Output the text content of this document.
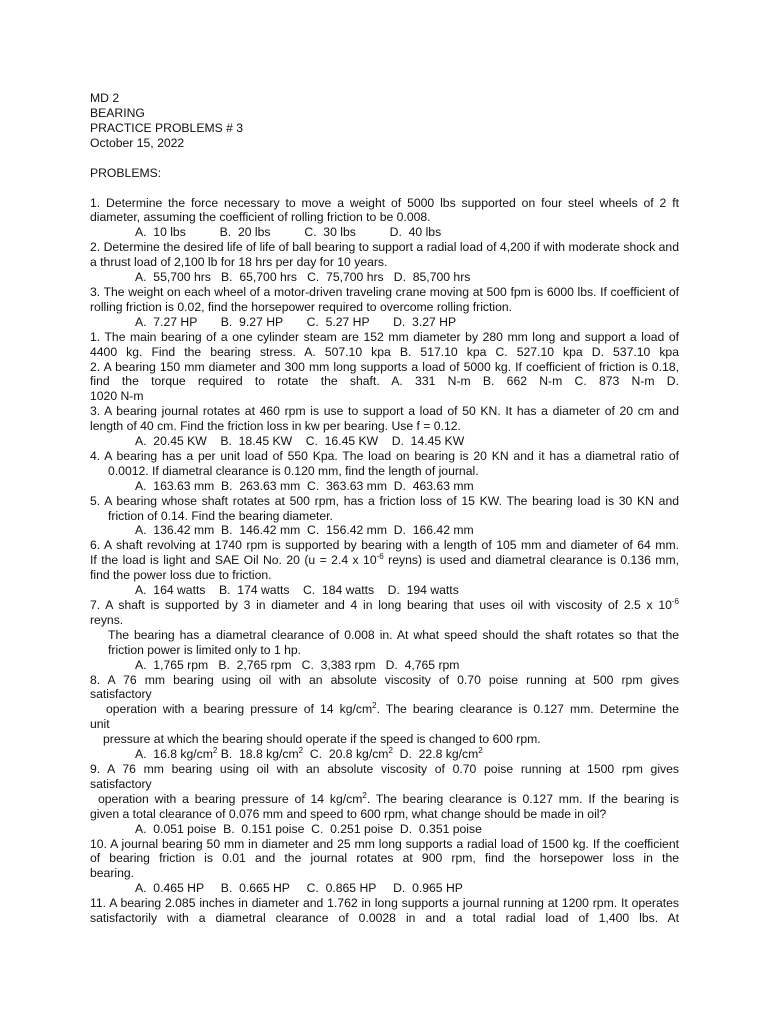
MD 2
BEARING
PRACTICE PROBLEMS # 3
October 15, 2022
PROBLEMS:
1. Determine the force necessary to move a weight of 5000 lbs supported on four steel wheels of 2 ft diameter, assuming the coefficient of rolling friction to be 0.008.
A.  10 lbs          B.  20 lbs          C.  30 lbs          D.  40 lbs
2. Determine the desired life of life of ball bearing to support a radial load of 4,200 if with moderate shock and a thrust load of 2,100 lb for 18 hrs per day for 10 years.
A.  55,700 hrs   B.  65,700 hrs   C.  75,700 hrs   D.  85,700 hrs
3. The weight on each wheel of a motor-driven traveling crane moving at 500 fpm is 6000 lbs. If coefficient of rolling friction is 0.02, find the horsepower required to overcome rolling friction.
A.  7.27 HP       B.  9.27 HP       C.  5.27 HP       D.  3.27 HP
1. The main bearing of a one cylinder steam are 152 mm diameter by 280 mm long and support a load of 4400 kg. Find the bearing stress. A. 507.10 kpa B. 517.10 kpa C. 527.10 kpa D. 537.10 kpa
2. A bearing 150 mm diameter and 300 mm long supports a load of 5000 kg. If coefficient of friction is 0.18, find the torque required to rotate the shaft. A. 331 N-m B. 662 N-m C. 873 N-m D.
1020 N-m
3. A bearing journal rotates at 460 rpm is use to support a load of 50 KN. It has a diameter of 20 cm and length of 40 cm. Find the friction loss in kw per bearing. Use f = 0.12.
A.  20.45 KW    B.  18.45 KW    C.  16.45 KW    D.  14.45 KW
4. A bearing has a per unit load of 550 Kpa. The load on bearing is 20 KN and it has a diametral ratio of
0.0012. If diametral clearance is 0.120 mm, find the length of journal.
A.  163.63 mm  B.  263.63 mm  C.  363.63 mm  D.  463.63 mm
5. A bearing whose shaft rotates at 500 rpm, has a friction loss of 15 KW. The bearing load is 30 KN and
friction of 0.14. Find the bearing diameter.
A.  136.42 mm  B.  146.42 mm  C.  156.42 mm  D.  166.42 mm
6. A shaft revolving at 1740 rpm is supported by bearing with a length of 105 mm and diameter of 64 mm.
If the load is light and SAE Oil No. 20 (u = 2.4 x $10^{-6}$ reyns) is used and diametral clearance is 0.136 mm,
find the power loss due to friction.
A.  164 watts    B.  174 watts    C.  184 watts    D.  194 watts
7. A shaft is supported by 3 in diameter and 4 in long bearing that uses oil with viscosity of 2.5 x $10^{-6}$
reyns.
The bearing has a diametral clearance of 0.008 in. At what speed should the shaft rotates so that the friction power is limited only to 1 hp.
A.  1,765 rpm   B.  2,765 rpm   C.  3,383 rpm   D.  4,765 rpm
8. A 76 mm bearing using oil with an absolute viscosity of 0.70 poise running at 500 rpm gives
satisfactory
operation with a bearing pressure of 14 $kg/cm^2$. The bearing clearance is 0.127 mm. Determine the
unit
pressure at which the bearing should operate if the speed is changed to 600 rpm.
A.  16.8 $kg/cm^2$ B.  18.8 $kg/cm^2$  C.  20.8 $kg/cm^2$  D.  22.8 $kg/cm^2$
9. A 76 mm bearing using oil with an absolute viscosity of 0.70 poise running at 1500 rpm gives
satisfactory
operation with a bearing pressure of 14 $kg/cm^2$. The bearing clearance is 0.127 mm. If the bearing is
given a total clearance of 0.076 mm and speed to 600 rpm, what change should be made in oil?
A.  0.051 poise  B.  0.151 poise  C.  0.251 poise  D.  0.351 poise
10. A journal bearing 50 mm in diameter and 25 mm long supports a radial load of 1500 kg. If the coefficient of bearing friction is 0.01 and the journal rotates at 900 rpm, find the horsepower loss in the
bearing.
A.  0.465 HP     B.  0.665 HP     C.  0.865 HP     D.  0.965 HP
11. A bearing 2.085 inches in diameter and 1.762 in long supports a journal running at 1200 rpm. It operates satisfactorily with a diametral clearance of 0.0028 in and a total radial load of 1,400 lbs. At
